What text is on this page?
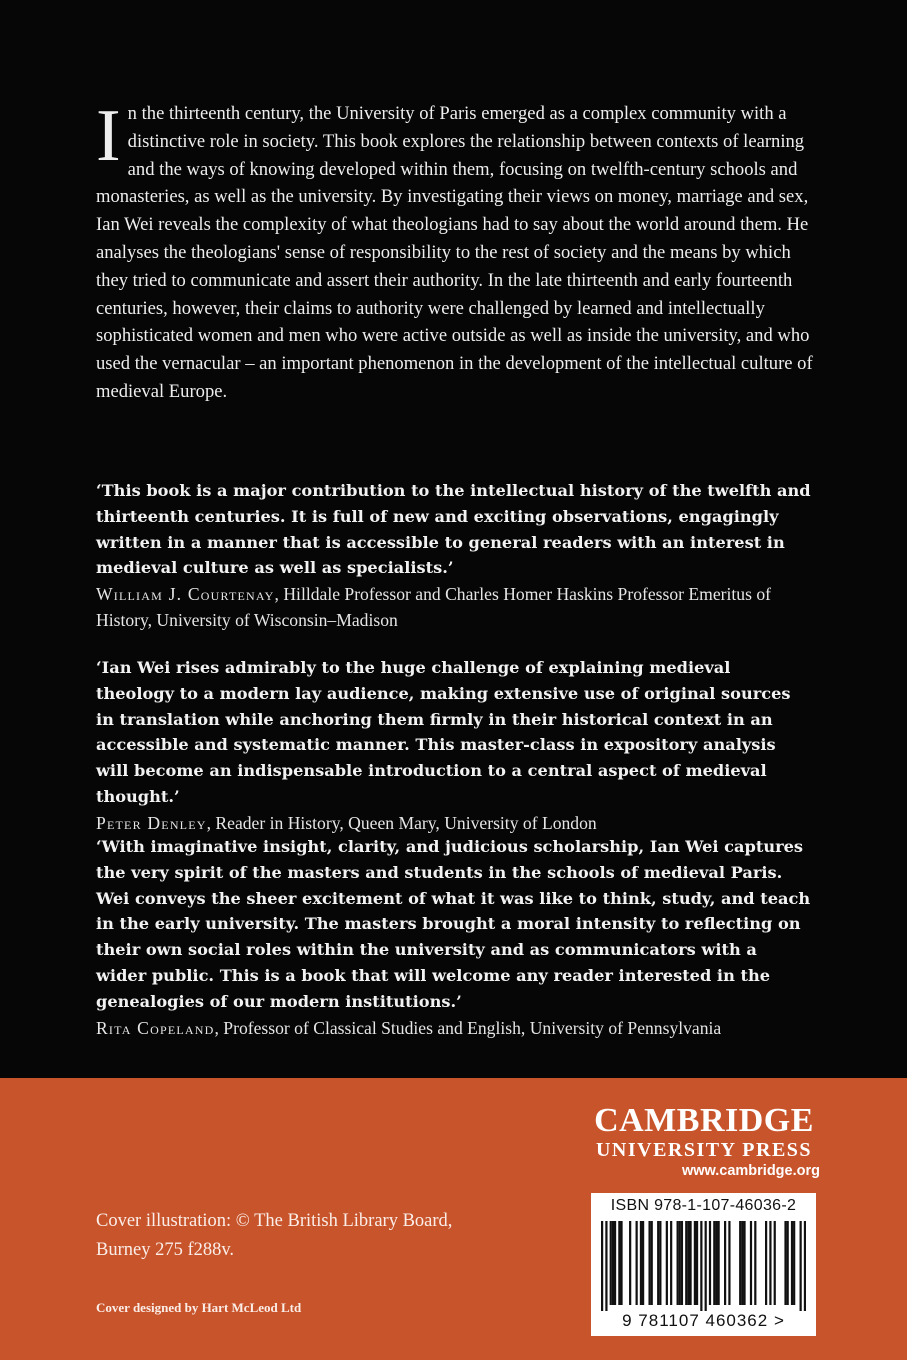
I n the thirteenth century, the University of Paris emerged as a complex community with a distinctive role in society. This book explores the relationship between contexts of learning and the ways of knowing developed within them, focusing on twelfth-century schools and monasteries, as well as the university. By investigating their views on money, marriage and sex, Ian Wei reveals the complexity of what theologians had to say about the world around them. He analyses the theologians' sense of responsibility to the rest of society and the means by which they tried to communicate and assert their authority. In the late thirteenth and early fourteenth centuries, however, their claims to authority were challenged by learned and intellectually sophisticated women and men who were active outside as well as inside the university, and who used the vernacular – an important phenomenon in the development of the intellectual culture of medieval Europe.

‘This book is a major contribution to the intellectual history of the twelfth and thirteenth centuries. It is full of new and exciting observations, engagingly written in a manner that is accessible to general readers with an interest in medieval culture as well as specialists.’

William J. Courtenay, Hilldale Professor and Charles Homer Haskins Professor Emeritus of History, University of Wisconsin–Madison

‘Ian Wei rises admirably to the huge challenge of explaining medieval theology to a modern lay audience, making extensive use of original sources in translation while anchoring them firmly in their historical context in an accessible and systematic manner. This master-class in expository analysis will become an indispensable introduction to a central aspect of medieval thought.’

Peter Denley, Reader in History, Queen Mary, University of London

‘With imaginative insight, clarity, and judicious scholarship, Ian Wei captures the very spirit of the masters and students in the schools of medieval Paris. Wei conveys the sheer excitement of what it was like to think, study, and teach in the early university. The masters brought a moral intensity to reflecting on their own social roles within the university and as communicators with a wider public. This is a book that will welcome any reader interested in the genealogies of our modern institutions.’

Rita Copeland, Professor of Classical Studies and English, University of Pennsylvania

CAMBRIDGE
UNIVERSITY PRESS
www.cambridge.org
Cover illustration: © The British Library Board,
Burney 275 f288v.
Cover designed by Hart McLeod Ltd
ISBN 978-1-107-46036-2
9 781107 460362 >
